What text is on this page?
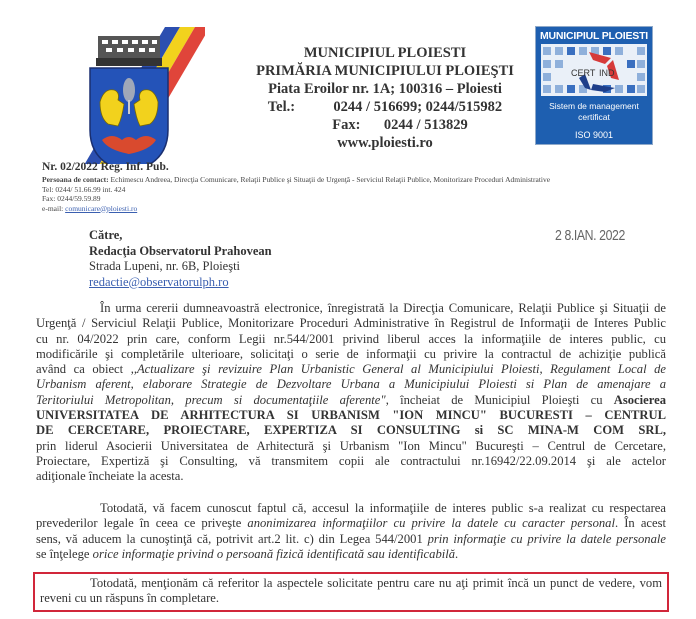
MUNICIPIUL PLOIESTI
PRIMĂRIA MUNICIPIULUI PLOIEŞTI
Piata Eroilor nr. 1A; 100316 – Ploiesti
Tel.:	0244 / 516699; 0244/515982
Fax: 0244 / 513829
www.ploiesti.ro
MUNICIPIUL PLOIESTI
CERT IND
Sistem de management
certificat
ISO 9001
Nr. 02/2022 Reg. Inf. Pub.
Persoana de contact: Echimescu Andreea, Direcţia Comunicare, Relaţii Publice şi Situaţii de Urgenţă - Serviciul Relaţii Publice, Monitorizare Proceduri Administrative
Tel: 0244/ 51.66.99 int. 424
Fax: 0244/59.59.89
e-mail: comunicare@ploiesti.ro
Către,
Redacţia Observatorul Prahovean
Strada Lupeni, nr. 6B, Ploieşti
redactie@observatorulph.ro
2 8.IAN. 2022
În urma cererii dumneavoastră electronice, înregistrată la Direcţia Comunicare, Relaţii Publice şi Situaţii de
Urgenţă / Serviciul Relaţii Publice, Monitorizare Proceduri Administrative în Registrul de Informaţii de Interes Public
cu nr. 04/2022 prin care, conform Legii nr.544/2001 privind liberul acces la informaţiile de interes public, cu
modificările şi completările ulterioare, solicitaţi o serie de informaţii cu privire la contractul de achiziţie publică
având ca obiect ,,Actualizare şi revizuire Plan Urbanistic General al Municipiului Ploiesti, Regulament Local de
Urbanism aferent, elaborare Strategie de Dezvoltare Urbana a Municipiului Ploiesti si Plan de amenajare a
Teritoriului Metropolitan, precum si documentaţiile aferente", încheiat de Municipiul Ploieşti cu Asocierea
UNIVERSITATEA DE ARHITECTURA SI URBANISM "ION MINCU" BUCURESTI – CENTRUL
DE CERCETARE, PROIECTARE, EXPERTIZA SI CONSULTING si SC MINA-M COM SRL,
prin liderul Asocierii Universitatea de Arhitectură şi Urbanism "Ion Mincu" Bucureşti – Centrul de Cercetare,
Proiectare, Expertiză şi Consulting, vă transmitem copii ale contractului nr.16942/22.09.2014 şi ale actelor
adiţionale încheiate la acesta.
Totodată, vă facem cunoscut faptul că, accesul la informaţiile de interes public s-a realizat cu respectarea
prevederilor legale în ceea ce priveşte anonimizarea informaţiilor cu privire la datele cu caracter personal. În acest
sens, vă aducem la cunoştinţă că, potrivit art.2 lit. c) din Legea 544/2001 prin informaţie cu privire la datele personale
se înţelege orice informaţie privind o persoană fizică identificată sau identificabilă.
Totodată, menţionăm că referitor la aspectele solicitate pentru care nu aţi primit încă un punct de vedere, vom
reveni cu un răspuns în completare.
